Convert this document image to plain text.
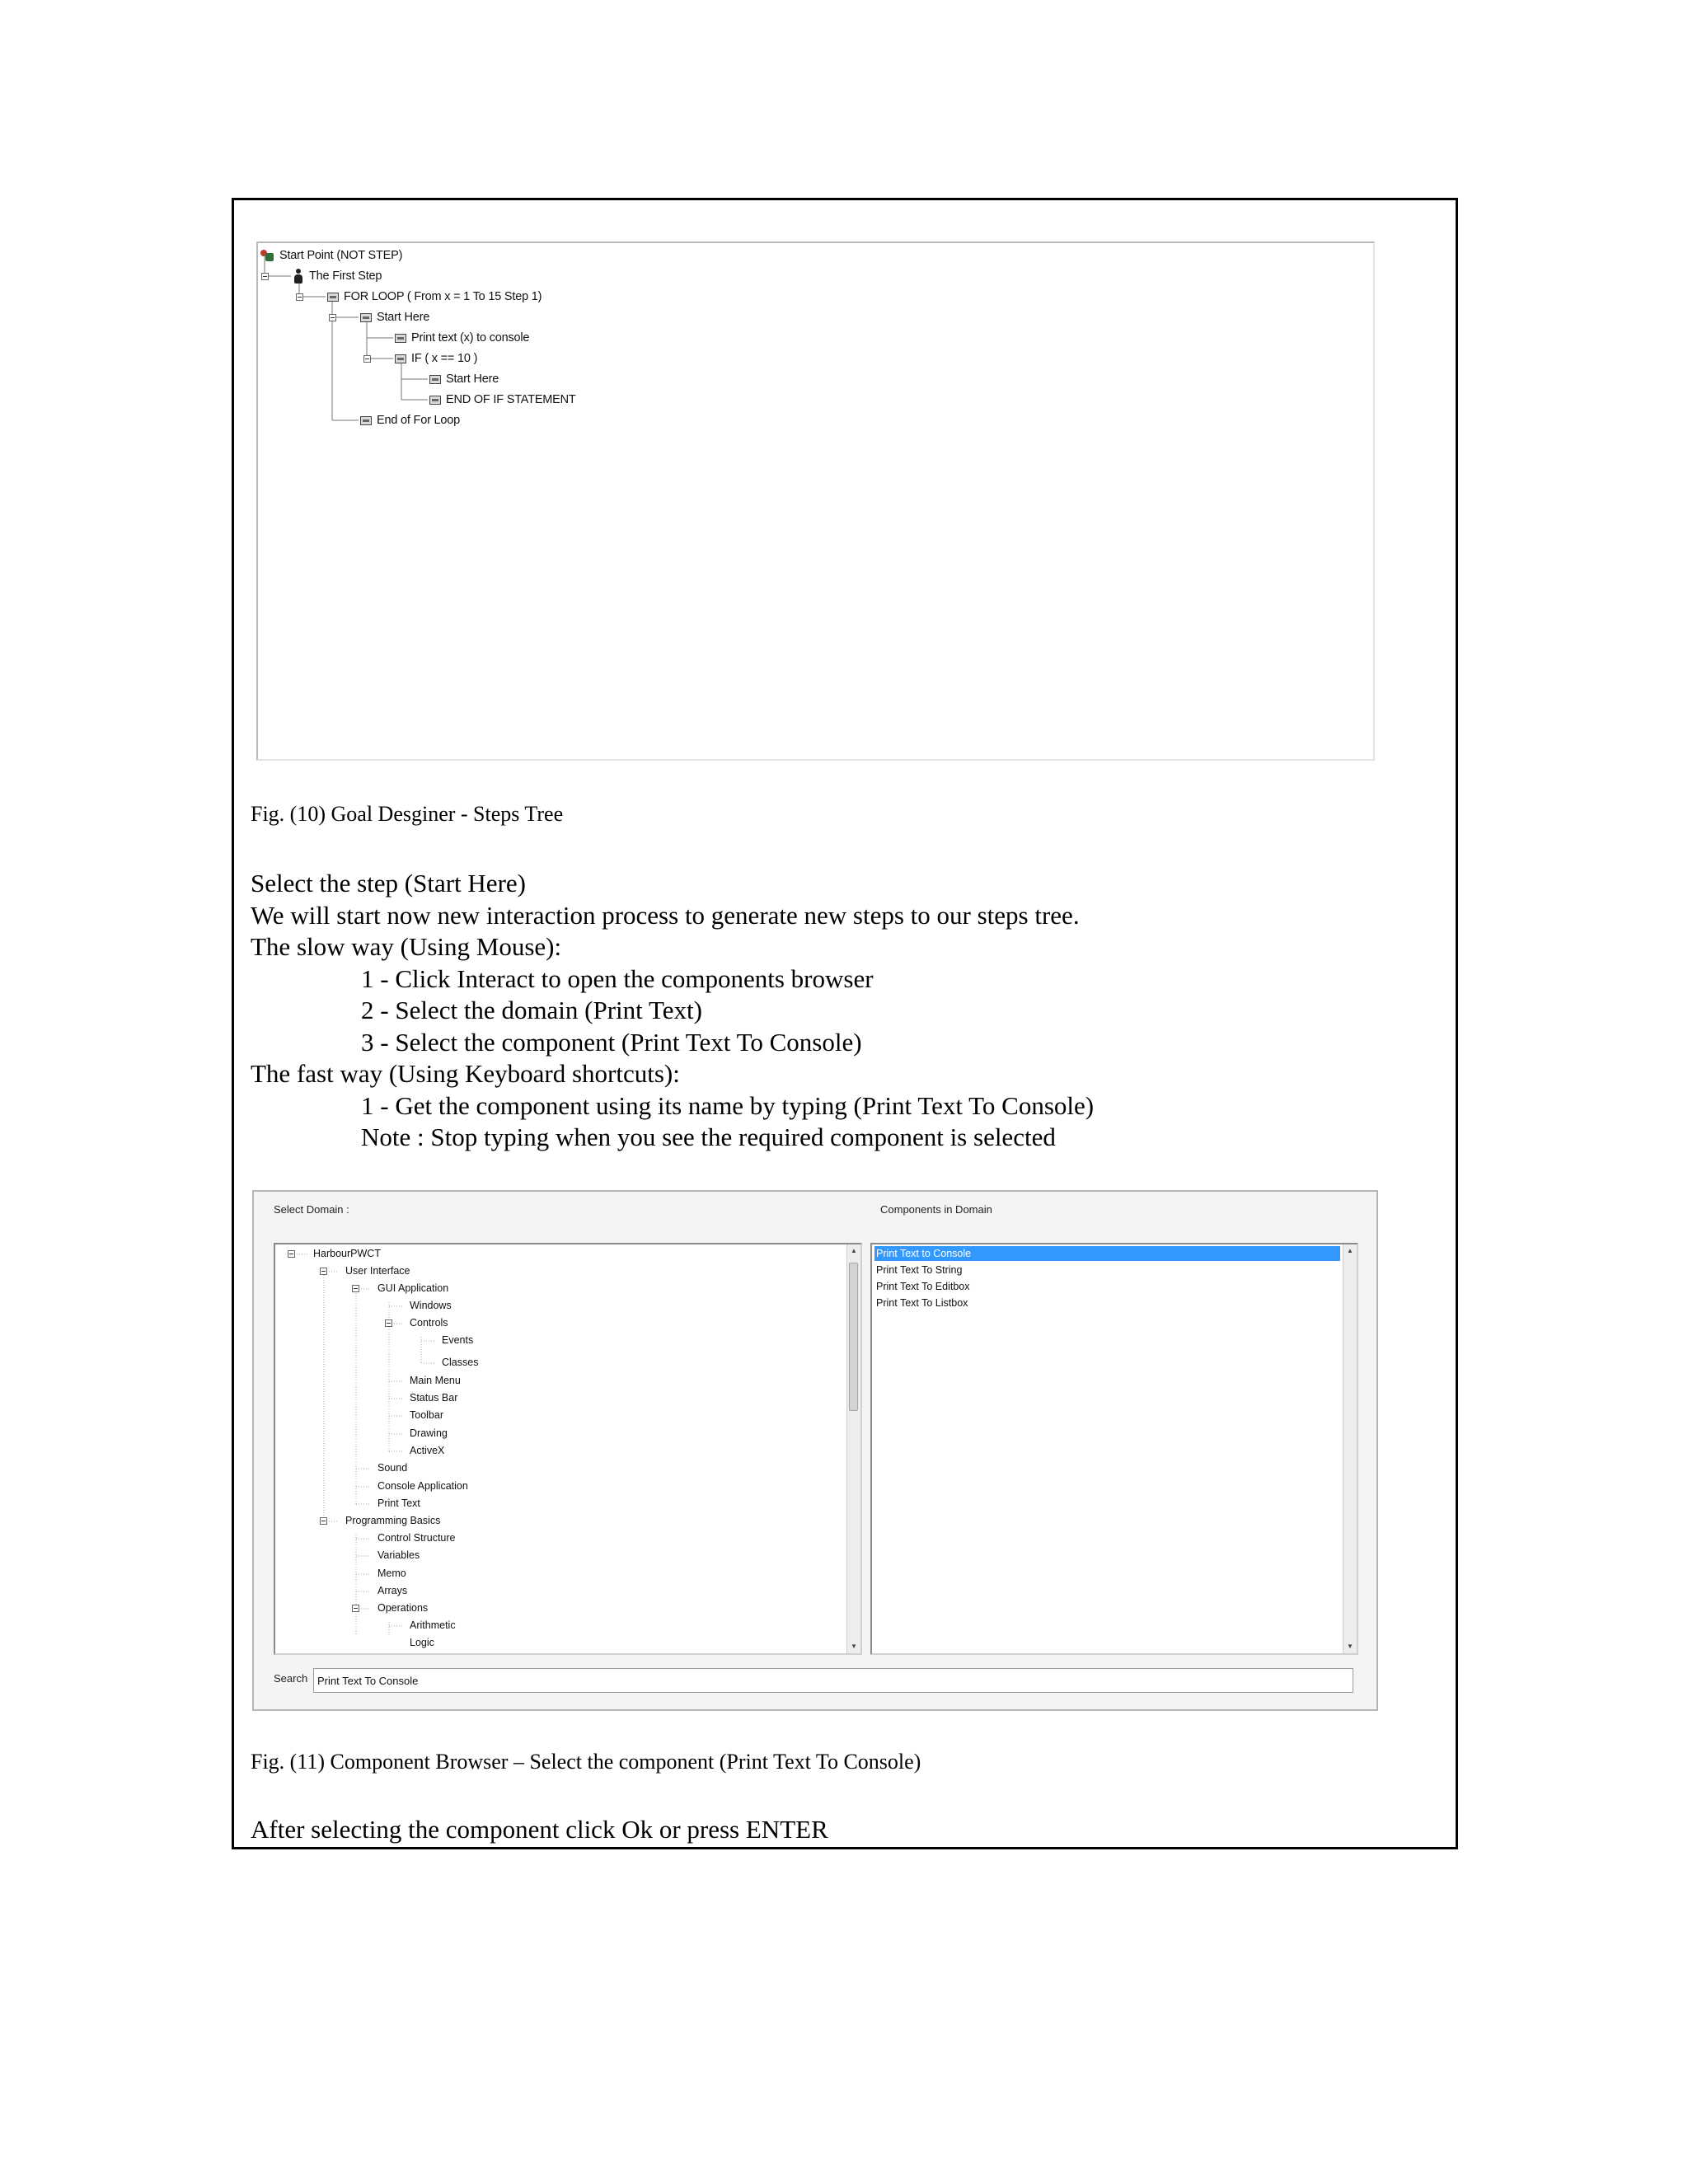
Start Point (NOT STEP)
The First Step
FOR LOOP ( From x = 1 To 15 Step 1)
Start Here
Print text (x) to console
IF ( x == 10 )
Start Here
END OF IF STATEMENT
End of For Loop
Fig. (10) Goal Desginer - Steps Tree
Select the step (Start Here)
We will start now new interaction process to generate new steps to our steps tree.
The slow way (Using Mouse):
1 - Click Interact to open the components browser
2 - Select the domain (Print Text)
3 - Select the component (Print Text To Console)
The fast way (Using Keyboard shortcuts):
1 - Get the component using its name by typing (Print Text To Console)
Note : Stop typing when you see the required component is selected
Select Domain :	Components in Domain
HarbourPWCT
User Interface
GUI Application
Windows
Controls
Events
Classes
Main Menu
Status Bar
Toolbar
Drawing
ActiveX
Sound
Console Application
Print Text
Programming Basics
Control Structure
Variables
Memo
Arrays
Operations
Arithmetic
Logic
▲
▼
Print Text to Console
Print Text To String
Print Text To Editbox
Print Text To Listbox
▲
▼
Search
Print Text To Console
Fig. (11) Component Browser – Select the component (Print Text To Console)
After selecting the component click Ok or press ENTER
